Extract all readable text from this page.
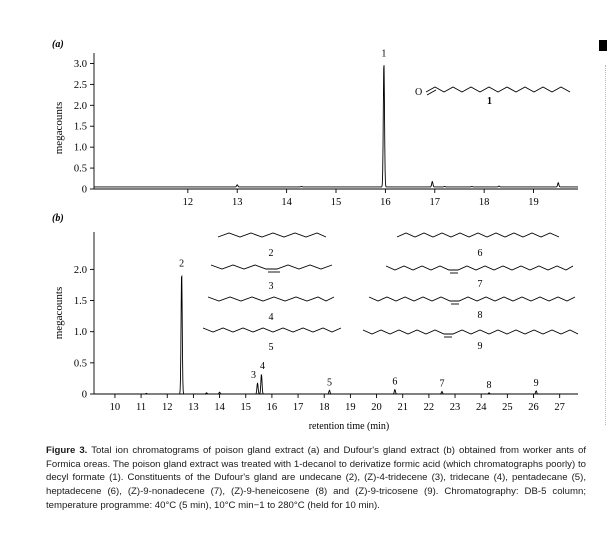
(a)
megacounts
0
0.5
1.0
1.5
2.0
2.5
3.0
12	13	14	15	16	17	18	19
1
O
1
(b)
megacounts
retention time (min)
0
0.5
1.0
1.5
2.0
10 11 12 13 14 15 16 17 18 19 20 21 22 23 24 25 26 27
2
3
4
5	6	7	8	9
2
3
4
5
6
7
8
9
Figure 3. Total ion chromatograms of poison gland extract (a) and Dufour's gland extract (b) obtained from worker ants of Formica oreas. The poison gland extract was treated with 1-decanol to derivatize formic acid (which chromatographs poorly) to decyl formate (1). Constituents of the Dufour's gland are undecane (2), (Z)-4-tridecene (3), tridecane (4), pentadecane (5), heptadecene (6), (Z)-9-nonadecene (7), (Z)-9-heneicosene (8) and (Z)-9-tricosene (9). Chromatography: DB-5 column; temperature programme: 40°C (5 min), 10°C min−1 to 280°C (held for 10 min).
